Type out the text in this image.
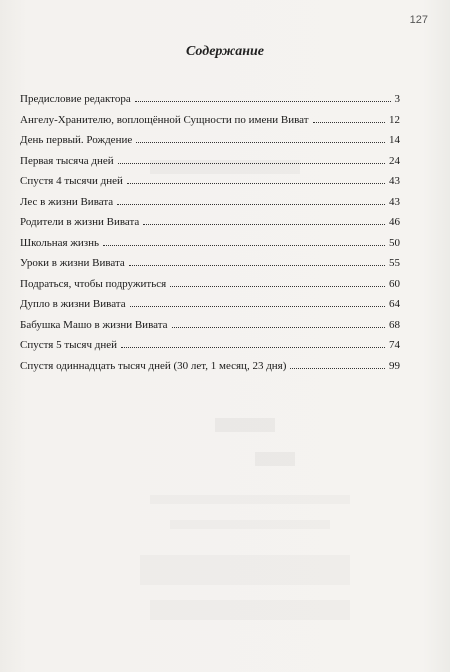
127
Содержание
Предисловие редактора	3
Ангелу-Хранителю, воплощённой Сущности по имени Виват	12
День первый. Рождение	14
Первая тысяча дней	24
Спустя 4 тысячи дней	43
Лес в жизни Вивата	43
Родители в жизни Вивата	46
Школьная жизнь	50
Уроки в жизни Вивата	55
Подраться, чтобы подружиться	60
Дупло в жизни Вивата	64
Бабушка Машо в жизни Вивата	68
Спустя 5 тысяч дней	74
Спустя одиннадцать тысяч дней (30 лет, 1 месяц, 23 дня)	99
